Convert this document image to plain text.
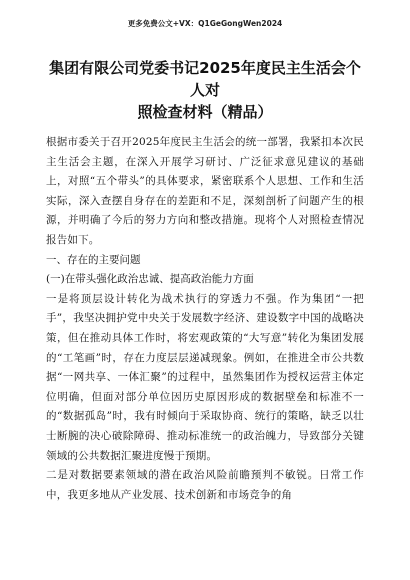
更多免费公文+VX：Q1GeGongWen2024
集团有限公司党委书记2025年度民主生活会个人对
照检查材料（精品）

根据市委关于召开2025年度民主生活会的统一部署，我紧扣本次民主生活会主题，在深入开展学习研讨、广泛征求意见建议的基础上，对照“五个带头”的具体要求，紧密联系个人思想、工作和生活实际，深入查摆自身存在的差距和不足，深刻剖析了问题产生的根源，并明确了今后的努力方向和整改措施。现将个人对照检查情况报告如下。

一、存在的主要问题

(一)在带头强化政治忠诚、提高政治能力方面

一是将顶层设计转化为战术执行的穿透力不强。作为集团“一把手”，我坚决拥护党中央关于发展数字经济、建设数字中国的战略决策，但在推动具体工作时，将宏观政策的“大写意”转化为集团发展的“工笔画”时，存在力度层层递减现象。例如，在推进全市公共数据“一网共享、一体汇聚”的过程中，虽然集团作为授权运营主体定位明确，但面对部分单位因历史原因形成的数据壁垒和标准不一的“数据孤岛”时，我有时倾向于采取协商、统行的策略，缺乏以壮士断腕的决心破除障碍、推动标准统一的政治魄力，导致部分关键领域的公共数据汇聚进度慢于预期。

二是对数据要素领域的潜在政治风险前瞻预判不敏锐。日常工作中，我更多地从产业发展、技术创新和市场竞争的角
